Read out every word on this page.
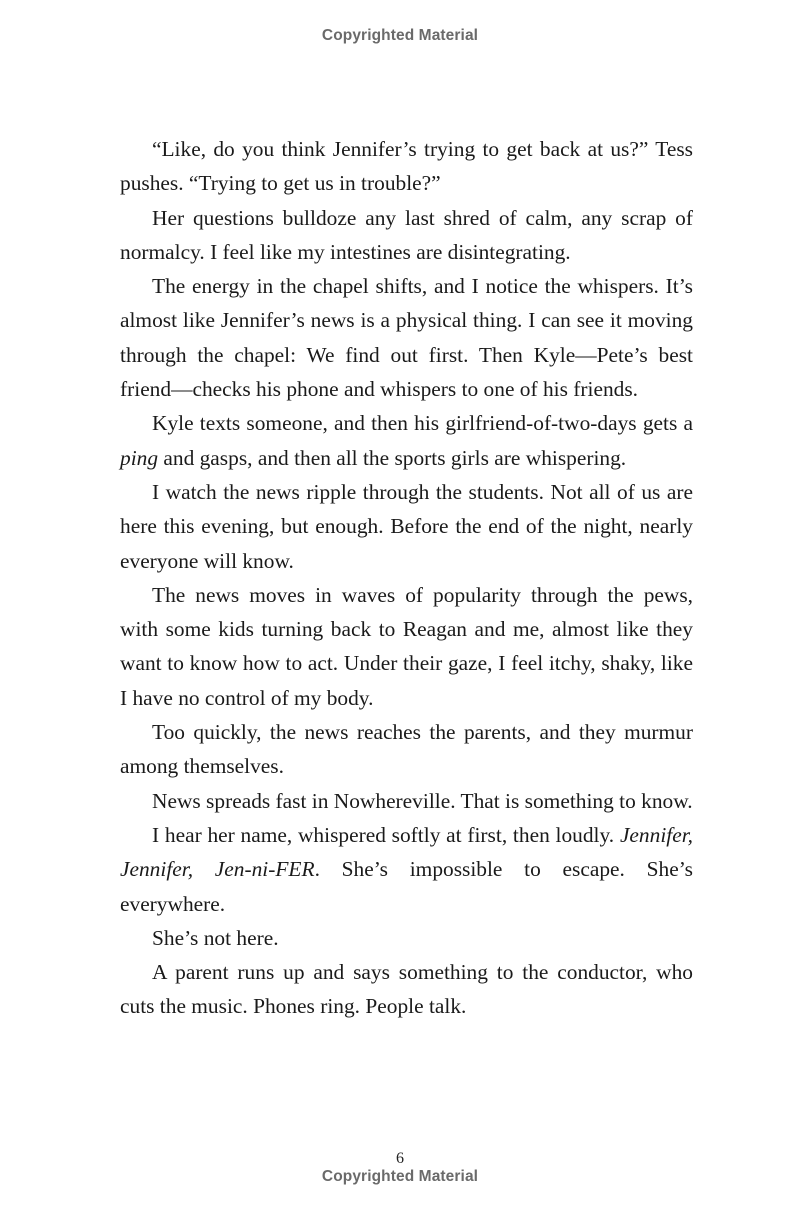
Copyrighted Material

“Like, do you think Jennifer’s trying to get back at us?” Tess pushes. “Trying to get us in trouble?”

Her questions bulldoze any last shred of calm, any scrap of normalcy. I feel like my intestines are disintegrating.

The energy in the chapel shifts, and I notice the whispers. It’s almost like Jennifer’s news is a physical thing. I can see it moving through the chapel: We find out first. Then Kyle—Pete’s best friend—checks his phone and whispers to one of his friends.

Kyle texts someone, and then his girlfriend-of-two-days gets a ping and gasps, and then all the sports girls are whispering.

I watch the news ripple through the students. Not all of us are here this evening, but enough. Before the end of the night, nearly everyone will know.

The news moves in waves of popularity through the pews, with some kids turning back to Reagan and me, almost like they want to know how to act. Under their gaze, I feel itchy, shaky, like I have no control of my body.

Too quickly, the news reaches the parents, and they murmur among themselves.

News spreads fast in Nowhereville. That is something to know.

I hear her name, whispered softly at first, then loudly. Jennifer, Jennifer, Jen-ni-FER. She’s impossible to escape. She’s everywhere.

She’s not here.

A parent runs up and says something to the conductor, who cuts the music. Phones ring. People talk.

6
Copyrighted Material
